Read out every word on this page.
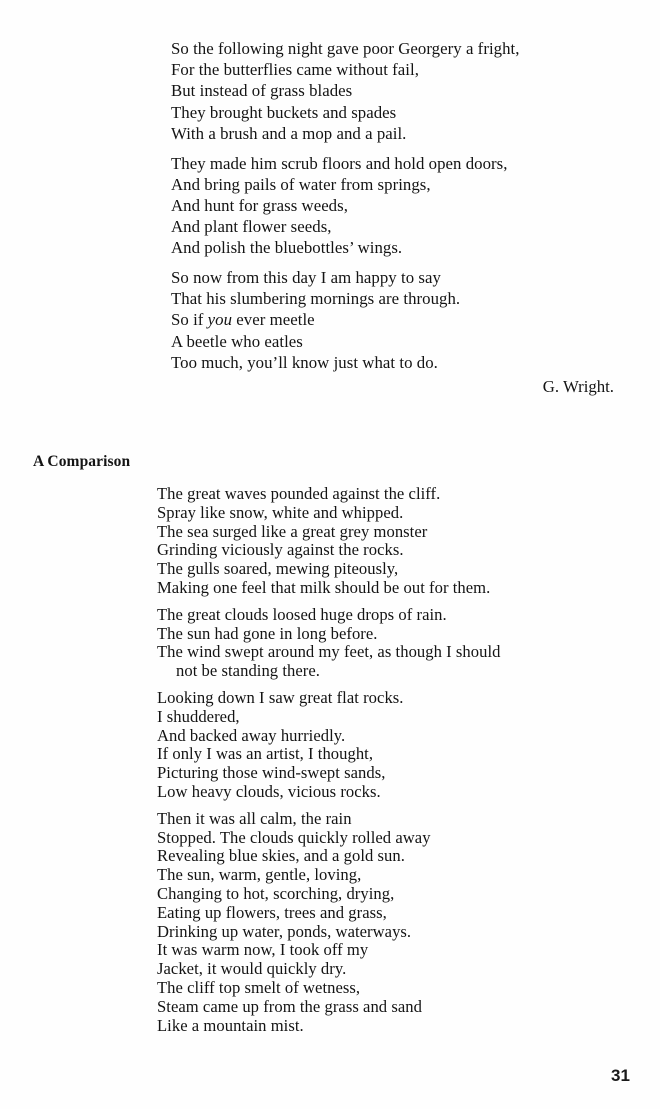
So the following night gave poor Georgery a fright,
For the butterflies came without fail,
But instead of grass blades
They brought buckets and spades
With a brush and a mop and a pail.
They made him scrub floors and hold open doors,
And bring pails of water from springs,
And hunt for grass weeds,
And plant flower seeds,
And polish the bluebottles’ wings.
So now from this day I am happy to say
That his slumbering mornings are through.
So if you ever meetle
A beetle who eatles
Too much, you’ll know just what to do.
G. Wright.
A Comparison
The great waves pounded against the cliff.
Spray like snow, white and whipped.
The sea surged like a great grey monster
Grinding viciously against the rocks.
The gulls soared, mewing piteously,
Making one feel that milk should be out for them.
The great clouds loosed huge drops of rain.
The sun had gone in long before.
The wind swept around my feet, as though I should
not be standing there.
Looking down I saw great flat rocks.
I shuddered,
And backed away hurriedly.
If only I was an artist, I thought,
Picturing those wind-swept sands,
Low heavy clouds, vicious rocks.
Then it was all calm, the rain
Stopped. The clouds quickly rolled away
Revealing blue skies, and a gold sun.
The sun, warm, gentle, loving,
Changing to hot, scorching, drying,
Eating up flowers, trees and grass,
Drinking up water, ponds, waterways.
It was warm now, I took off my
Jacket, it would quickly dry.
The cliff top smelt of wetness,
Steam came up from the grass and sand
Like a mountain mist.
31
